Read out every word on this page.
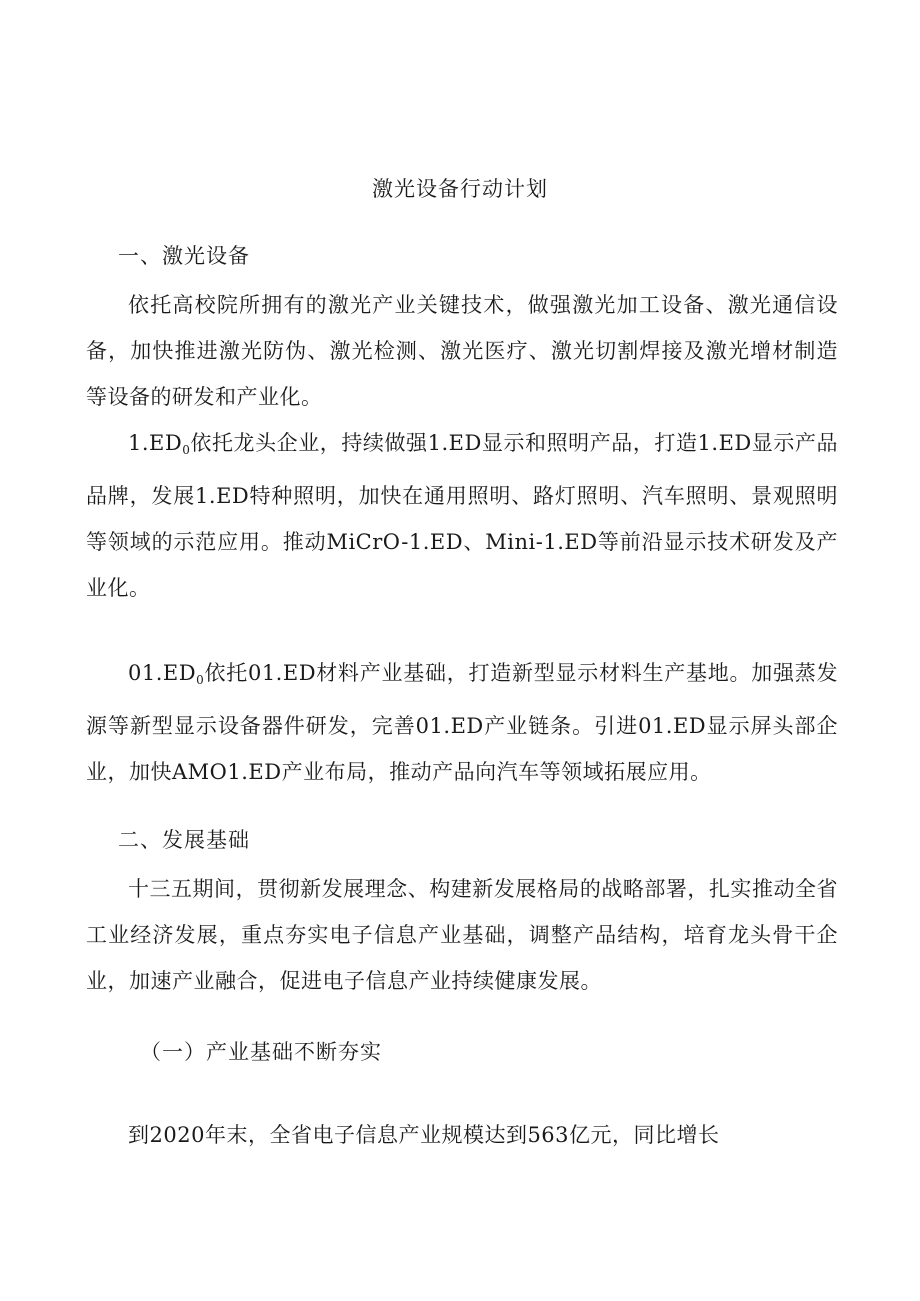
激光设备行动计划
一、激光设备
依托高校院所拥有的激光产业关键技术，做强激光加工设备、激光通信设备，加快推进激光防伪、激光检测、激光医疗、激光切割焊接及激光增材制造等设备的研发和产业化。
$1.ED_0$依托龙头企业，持续做强1.ED显示和照明产品，打造1.ED显示产品品牌，发展1.ED特种照明，加快在通用照明、路灯照明、汽车照明、景观照明等领域的示范应用。推动MiCrO-1.ED、Mini-1.ED等前沿显示技术研发及产业化。
$01.ED_0$依托01.ED材料产业基础，打造新型显示材料生产基地。加强蒸发源等新型显示设备器件研发，完善01.ED产业链条。引进01.ED显示屏头部企业，加快AMO1.ED产业布局，推动产品向汽车等领域拓展应用。
二、发展基础
十三五期间，贯彻新发展理念、构建新发展格局的战略部署，扎实推动全省工业经济发展，重点夯实电子信息产业基础，调整产品结构，培育龙头骨干企业，加速产业融合，促进电子信息产业持续健康发展。
（一）产业基础不断夯实
到2020年末，全省电子信息产业规模达到563亿元，同比增长
